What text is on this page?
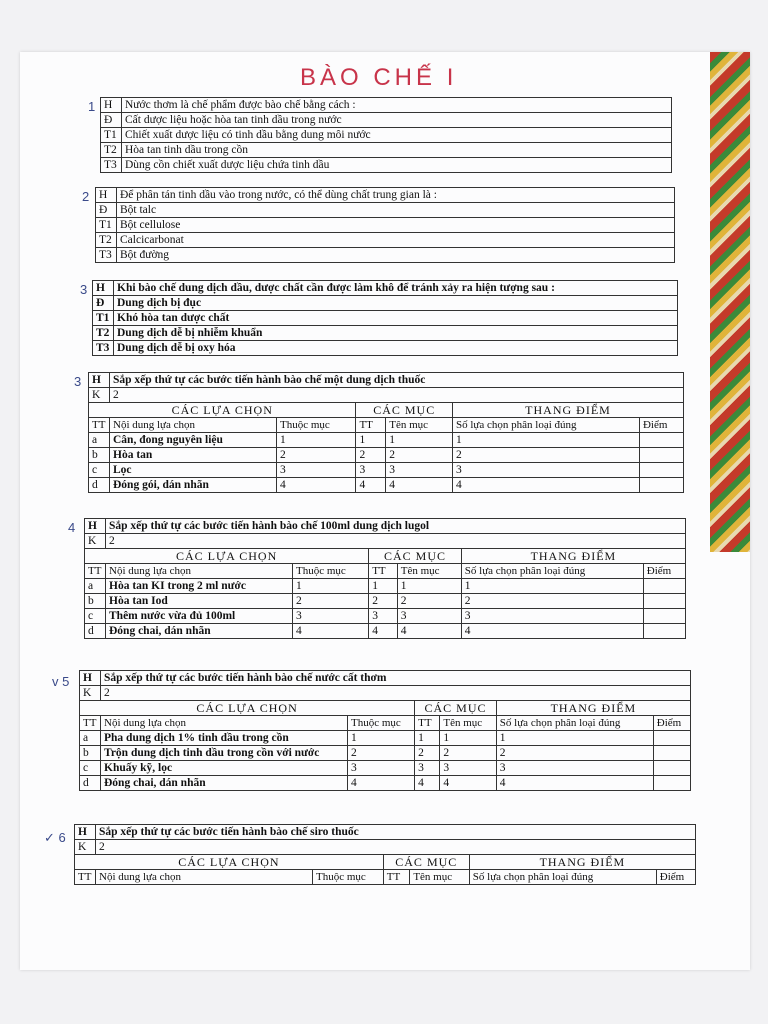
BÀO CHẾ I
1 H	Nước thơm là chế phẩm được bào chế bằng cách :
Đ	Cất dược liệu hoặc hòa tan tinh dầu trong nước
T1	Chiết xuất dược liệu có tinh dầu bằng dung môi nước
T2	Hòa tan tinh dầu trong cồn
T3	Dùng cồn chiết xuất dược liệu chứa tinh dầu
2 H	Để phân tán tinh dầu vào trong nước, có thể dùng chất trung gian là :
Đ	Bột talc
T1	Bột cellulose
T2	Calcicarbonat
T3	Bột đường
3 H	Khi bào chế dung dịch dầu, dược chất cần được làm khô để tránh xảy ra hiện tượng sau :
Đ	Dung dịch bị đục
T1	Khó hòa tan dược chất
T2	Dung dịch dễ bị nhiễm khuẩn
T3	Dung dịch dễ bị oxy hóa
3 H	Sắp xếp thứ tự các bước tiến hành bào chế một dung dịch thuốc					
K	2					
CÁC LỰA CHỌN			CÁC MỤC		THANG ĐIỂM	
TT	Nội dung lựa chọn	Thuộc mục	TT	Tên mục	Số lựa chọn phân loại đúng	Điểm
a	Cân, đong nguyên liệu	1	1	1	1	
b	Hòa tan	2	2	2	2	
c	Lọc	3	3	3	3	
d	Đóng gói, dán nhãn	4	4	4	4	
4 H	Sắp xếp thứ tự các bước tiến hành bào chế 100ml dung dịch lugol					
K	2					
CÁC LỰA CHỌN			CÁC MỤC		THANG ĐIỂM	
TT	Nội dung lựa chọn	Thuộc mục	TT	Tên mục	Số lựa chọn phân loại đúng	Điểm
a	Hòa tan KI trong 2 ml nước	1	1	1	1	
b	Hòa tan Iod	2	2	2	2	
c	Thêm nước vừa đủ 100ml	3	3	3	3	
d	Đóng chai, dán nhãn	4	4	4	4	
v 5 H	Sắp xếp thứ tự các bước tiến hành bào chế nước cất thơm					
K	2					
CÁC LỰA CHỌN			CÁC MỤC		THANG ĐIỂM	
TT	Nội dung lựa chọn	Thuộc mục	TT	Tên mục	Số lựa chọn phân loại đúng	Điểm
a	Pha dung dịch 1% tinh dầu trong cồn	1	1	1	1	
b	Trộn dung dịch tinh dầu trong cồn với nước	2	2	2	2	
c	Khuấy kỹ, lọc	3	3	3	3	
d	Đóng chai, dán nhãn	4	4	4	4	
✓ 6 H	Sắp xếp thứ tự các bước tiến hành bào chế siro thuốc					
K	2					
CÁC LỰA CHỌN			CÁC MỤC		THANG ĐIỂM	
TT	Nội dung lựa chọn	Thuộc mục	TT	Tên mục	Số lựa chọn phân loại đúng	Điểm
